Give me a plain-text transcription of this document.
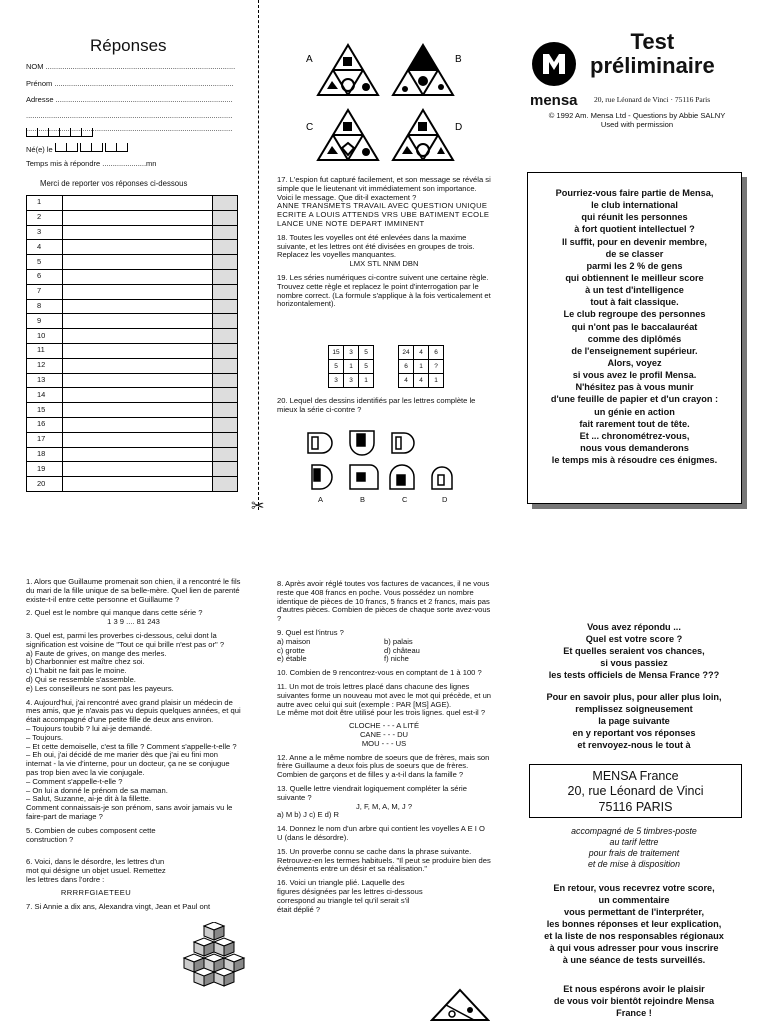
✂
Réponses
NOM ...........................................................................................
Prénom ......................................................................................
Adresse .....................................................................................
...................................................................................................
...................................................................................................
Né(e) le
Temps mis à répondre .....................mn
Merci de reporter vos réponses ci-dessous
1		
2		
3		
4		
5		
6		
7		
8		
9		
10		
11		
12		
13		
14		
15		
16		
17		
18		
19		
20		
A	B
C	D

17. L'espion fut capturé facilement, et son message se révéla si simple que le lieutenant vit immédiatement son importance. Voici le message. Que dit-il exactement ?
ANNE TRANSMETS TRAVAIL AVEC QUESTION UNIQUE ECRITE A LOUIS ATTENDS VRS UBE BATIMENT ECOLE LANCE UNE NOTE DEPART IMMINENT

18. Toutes les voyelles ont été enlevées dans la maxime suivante, et les lettres ont été divisées en groupes de trois. Replacez les voyelles manquantes.

LMX STL NNM DBN

19. Les séries numériques ci-contre suivent une certaine règle. Trouvez cette règle et replacez le point d'interrogation par le nombre correct. (La formule s'applique à la fois verticalement et horizontalement).

15	3	5
5	1	5
3	3	1
24	4	6
6	1	?
4	4	1
20. Lequel des dessins identifiés par les lettres complète le mieux la série ci-contre ?
A	B	C	D
mensa
Test
préliminaire
20, rue Léonard de Vinci · 75116 Paris
© 1992 Am. Mensa Ltd - Questions by Abbie SALNY
Used with permission
Pourriez-vous faire partie de Mensa,
le club international
qui réunit les personnes
à fort quotient intellectuel ?
Il suffit, pour en devenir membre,
de se classer
parmi les 2 % de gens
qui obtiennent le meilleur score
à un test d'intelligence
tout à fait classique.
Le club regroupe des personnes
qui n'ont pas le baccalauréat
comme des diplômés
de l'enseignement supérieur.
Alors, voyez
si vous avez le profil Mensa.
N'hésitez pas à vous munir
d'une feuille de papier et d'un crayon :
un génie en action
fait rarement tout de tête.
Et ... chronométrez-vous,
nous vous demanderons
le temps mis à résoudre ces énigmes.

1. Alors que Guillaume promenait son chien, il a rencontré le fils du mari de la fille unique de sa belle-mère. Quel lien de parenté existe-t-il entre cette personne et Guillaume ?

2. Quel est le nombre qui manque dans cette série ?

1 3 9 .... 81 243

3. Quel est, parmi les proverbes ci-dessous, celui dont la signification est voisine de "Tout ce qui brille n'est pas or" ?
a) Faute de grives, on mange des merles.
b) Charbonnier est maître chez soi.
c) L'habit ne fait pas le moine.
d) Qui se ressemble s'assemble.
e) Les conseilleurs ne sont pas les payeurs.

4. Aujourd'hui, j'ai rencontré avec grand plaisir un médecin de mes amis, que je n'avais pas vu depuis quelques années, et qui était accompagné d'une petite fille de deux ans environ.
– Toujours toubib ? lui ai-je demandé.
– Toujours.
– Et cette demoiselle, c'est ta fille ? Comment s'appelle-t-elle ?
– Eh oui, j'ai décidé de me marier dès que j'ai eu fini mon internat - la vie d'interne, pour un docteur, ça ne se conjugue pas trop bien avec la vie conjugale.
– Comment s'appelle-t-elle ?
– On lui a donné le prénom de sa maman.
– Salut, Suzanne, ai-je dit à la fillette.
Comment connaissais-je son prénom, sans avoir jamais vu le faire-part de mariage ?

5. Combien de cubes composent cette construction ?

6. Voici, dans le désordre, les lettres d'un mot qui désigne un objet usuel. Remettez les lettres dans l'ordre :

RRRRFGIAETEEU

7. Si Annie a dix ans, Alexandra vingt, Jean et Paul ont

8. Après avoir réglé toutes vos factures de vacances, il ne vous reste que 408 francs en poche. Vous possédez un nombre identique de pièces de 10 francs, 5 francs et 2 francs, mais pas d'autres pièces. Combien de pièces de chaque sorte avez-vous ?

9. Quel est l'intrus ?
a) maison	b) palais
c) grotte	d) château
e) étable	f) niche

10. Combien de 9 rencontrez-vous en comptant de 1 à 100 ?

11. Un mot de trois lettres placé dans chacune des lignes suivantes forme un nouveau mot avec le mot qui précède, et un autre avec celui qui suit (exemple : PAR [MS] AGE).
Le même mot doit être utilisé pour les trois lignes. quel est-il ?
CLOCHE - - - A LITÉ
CANE - - - DU
MOU - - - US

12. Anne a le même nombre de soeurs que de frères, mais son frère Guillaume a deux fois plus de soeurs que de frères. Combien de garçons et de filles y a-t-il dans la famille ?

13. Quelle lettre viendrait logiquement compléter la série suivante ?

J, F, M, A, M, J ?
a) M b) J c) E d) R

14. Donnez le nom d'un arbre qui contient les voyelles A E I O U (dans le désordre).

15. Un proverbe connu se cache dans la phrase suivante. Retrouvez-en les termes habituels. "Il peut se produire bien des événements entre un désir et sa réalisation."

16. Voici un triangle plié. Laquelle des figures désignées par les lettres ci-dessous correspond au triangle tel qu'il serait s'il était déplié ?

Vous avez répondu ...
Quel est votre score ?
Et quelles seraient vos chances,
si vous passiez
les tests officiels de Mensa France ???
Pour en savoir plus, pour aller plus loin,
remplissez soigneusement
la page suivante
en y reportant vos réponses
et renvoyez-nous le tout à
MENSA France
20, rue Léonard de Vinci
75116 PARIS
accompagné de 5 timbres-poste
au tarif lettre
pour frais de traitement
et de mise à disposition
En retour, vous recevrez votre score,
un commentaire
vous permettant de l'interpréter,
les bonnes réponses et leur explication,
et la liste de nos responsables régionaux
à qui vous adresser pour vous inscrire
à une séance de tests surveillés.
Et nous espérons avoir le plaisir
de vous voir bientôt rejoindre Mensa
France !
